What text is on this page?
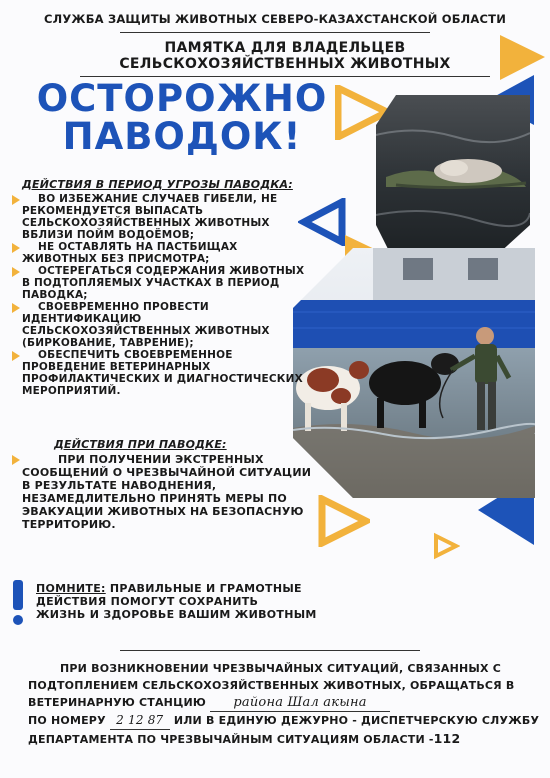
СЛУЖБА ЗАЩИТЫ ЖИВОТНЫХ СЕВЕРО-КАЗАХСТАНСКОЙ ОБЛАСТИ
ПАМЯТКА ДЛЯ ВЛАДЕЛЬЦЕВ
СЕЛЬСКОХОЗЯЙСТВЕННЫХ ЖИВОТНЫХ
ОСТОРОЖНО
ПАВОДОК!
ДЕЙСТВИЯ В ПЕРИОД УГРОЗЫ ПАВОДКА:
ВО ИЗБЕЖАНИЕ СЛУЧАЕВ ГИБЕЛИ, НЕ РЕКОМЕНДУЕТСЯ ВЫПАСАТЬ СЕЛЬСКОХОЗЯЙСТВЕННЫХ ЖИВОТНЫХ ВБЛИЗИ ПОЙМ ВОДОЁМОВ;
НЕ ОСТАВЛЯТЬ НА ПАСТБИЩАХ ЖИВОТНЫХ БЕЗ ПРИСМОТРА;
ОСТЕРЕГАТЬСЯ СОДЕРЖАНИЯ ЖИВОТНЫХ В ПОДТОПЛЯЕМЫХ УЧАСТКАХ В ПЕРИОД ПАВОДКА;
СВОЕВРЕМЕННО ПРОВЕСТИ ИДЕНТИФИКАЦИЮ СЕЛЬСКОХОЗЯЙСТВЕННЫХ ЖИВОТНЫХ (БИРКОВАНИЕ, ТАВРЕНИЕ);
ОБЕСПЕЧИТЬ СВОЕВРЕМЕННОЕ ПРОВЕДЕНИЕ ВЕТЕРИНАРНЫХ ПРОФИЛАКТИЧЕСКИХ И ДИАГНОСТИЧЕСКИХ МЕРОПРИЯТИЙ.
ДЕЙСТВИЯ ПРИ ПАВОДКЕ:
ПРИ ПОЛУЧЕНИИ ЭКСТРЕННЫХ СООБЩЕНИЙ О ЧРЕЗВЫЧАЙНОЙ СИТУАЦИИ В РЕЗУЛЬТАТЕ НАВОДНЕНИЯ, НЕЗАМЕДЛИТЕЛЬНО ПРИНЯТЬ МЕРЫ ПО ЭВАКУАЦИИ ЖИВОТНЫХ НА БЕЗОПАСНУЮ ТЕРРИТОРИЮ.
ПОМНИТЕ: ПРАВИЛЬНЫЕ И ГРАМОТНЫЕ
ДЕЙСТВИЯ ПОМОГУТ СОХРАНИТЬ
ЖИЗНЬ И ЗДОРОВЬЕ ВАШИМ ЖИВОТНЫМ
ПРИ ВОЗНИКНОВЕНИИ ЧРЕЗВЫЧАЙНЫХ СИТУАЦИЙ, СВЯЗАННЫХ С
ПОДТОПЛЕНИЕМ СЕЛЬСКОХОЗЯЙСТВЕННЫХ ЖИВОТНЫХ, ОБРАЩАТЬСЯ В
ВЕТЕРИНАРНУЮ СТАНЦИЮ района Шал акына
ПО НОМЕРУ 2 12 87 ИЛИ В ЕДИНУЮ ДЕЖУРНО - ДИСПЕТЧЕРСКУЮ СЛУЖБУ
ДЕПАРТАМЕНТА ПО ЧРЕЗВЫЧАЙНЫМ СИТУАЦИЯМ ОБЛАСТИ -112
